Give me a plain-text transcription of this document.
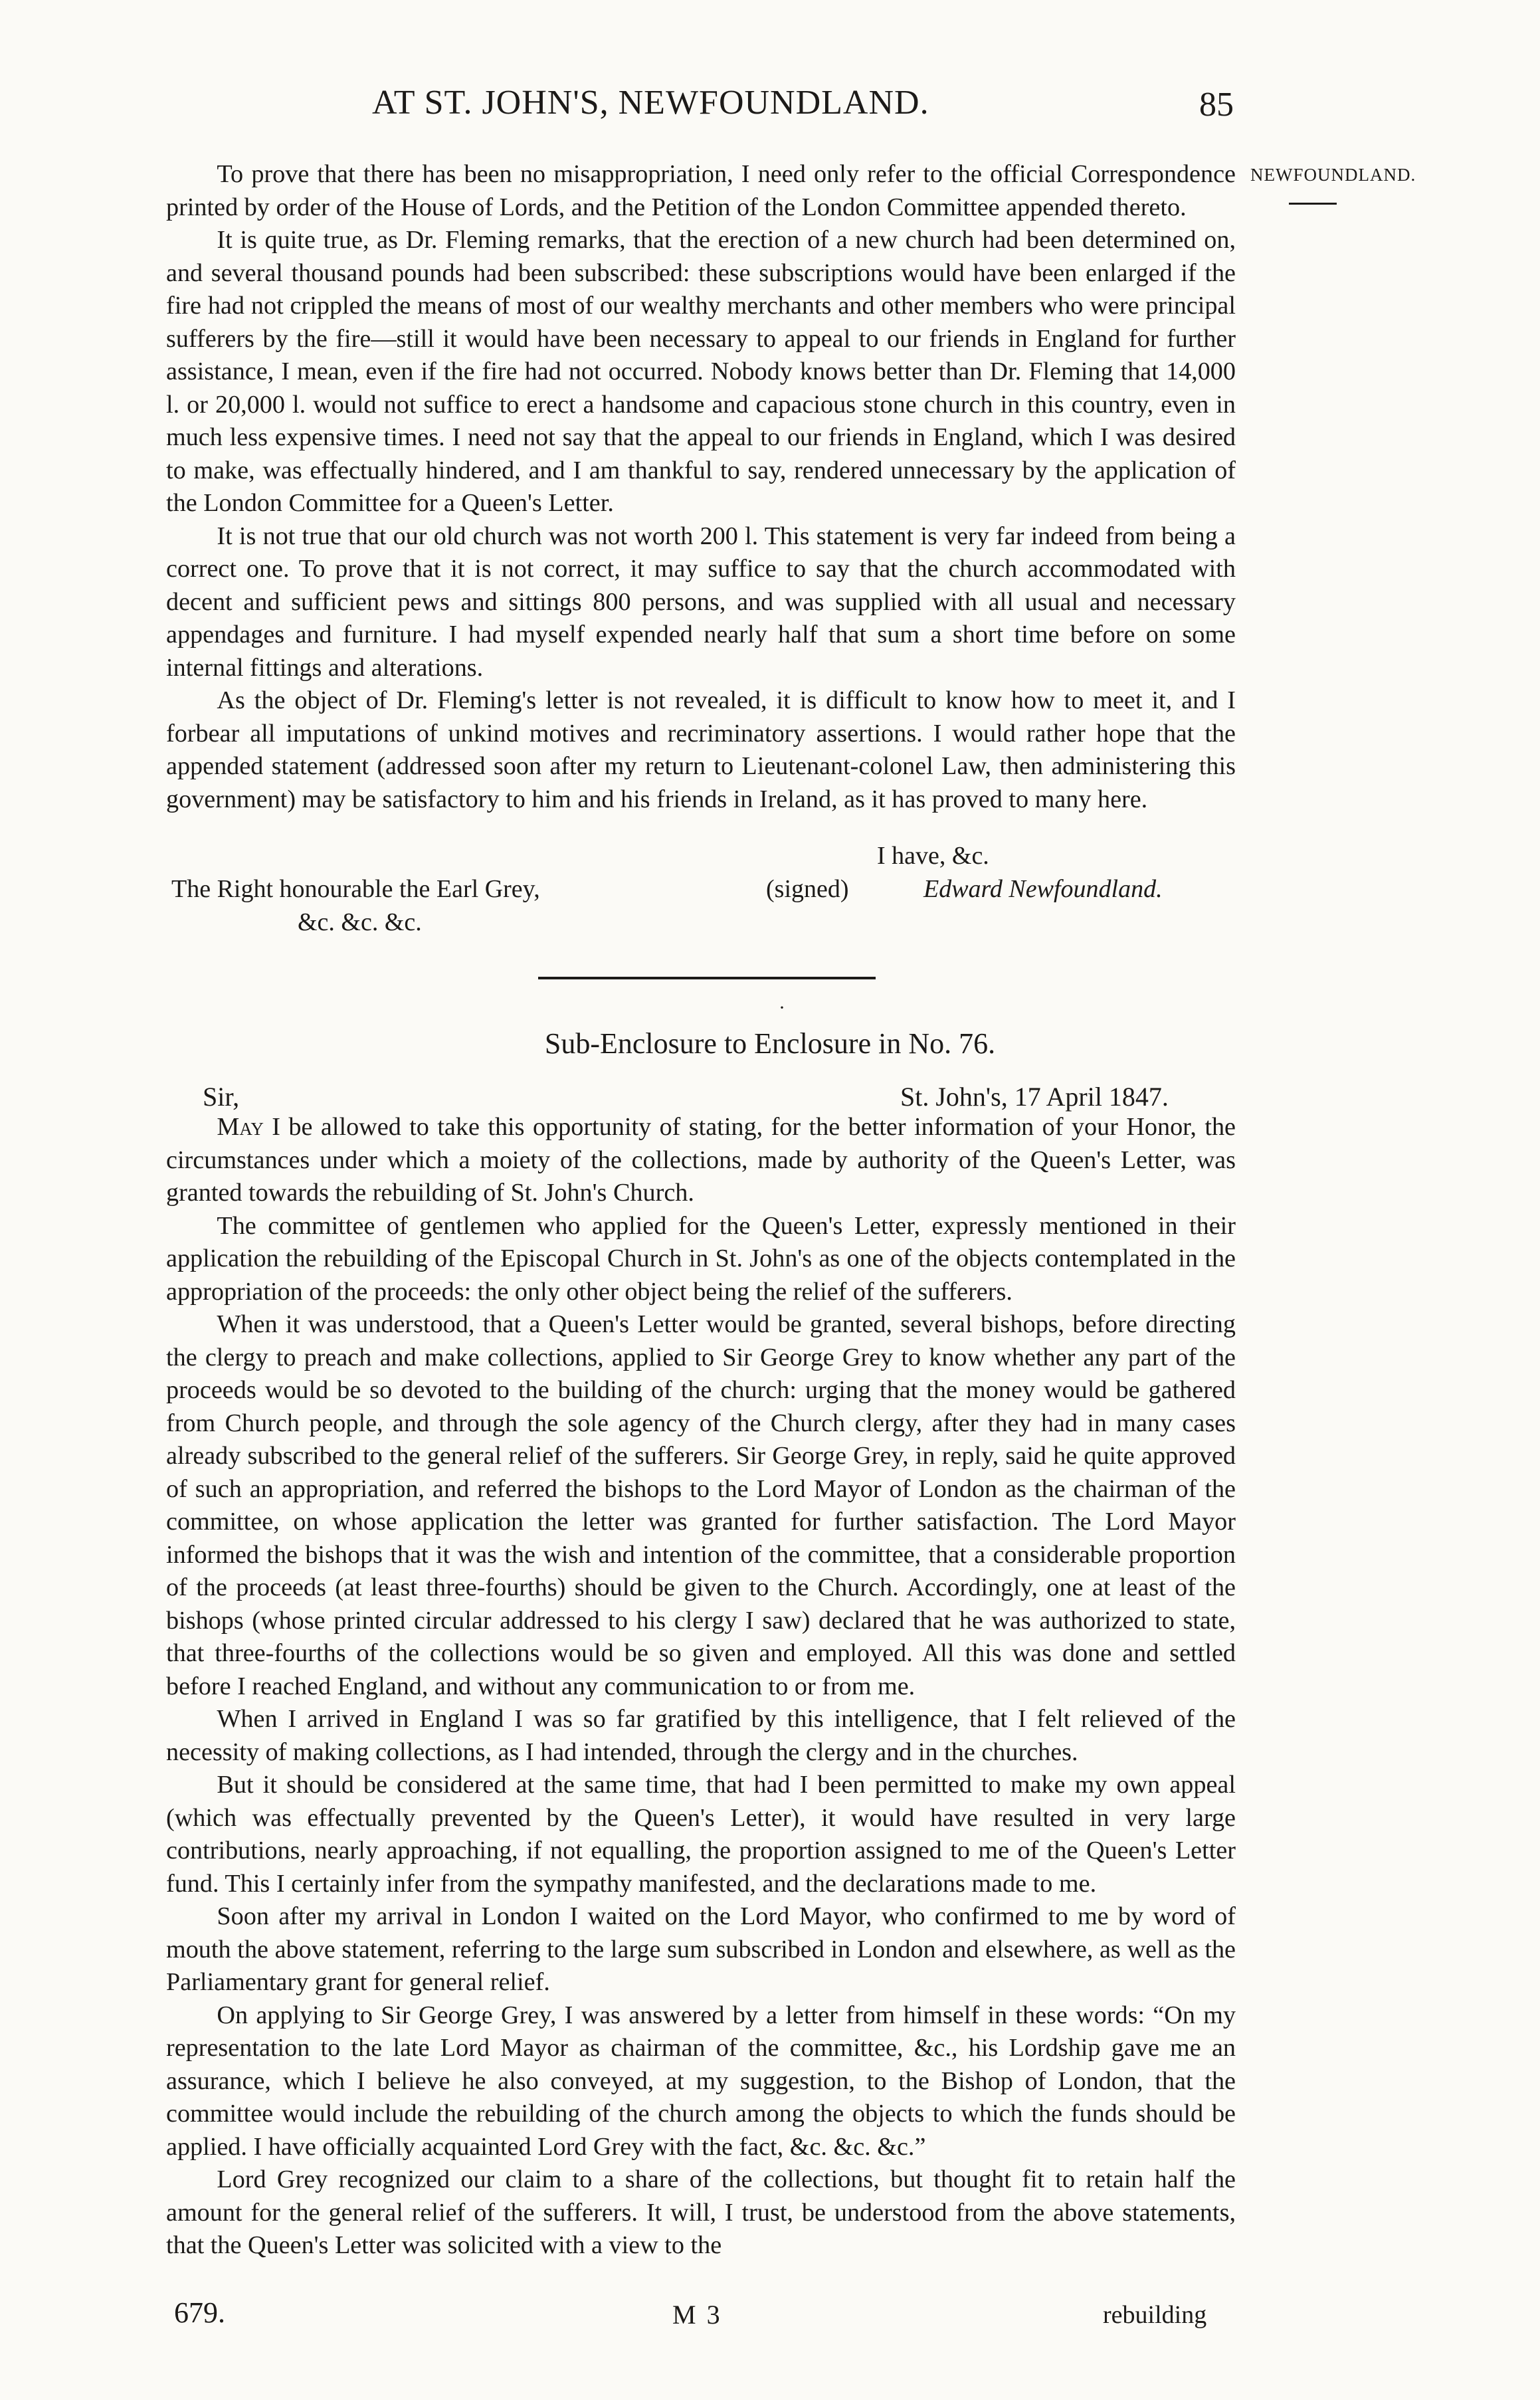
AT ST. JOHN'S, NEWFOUNDLAND.	85
NEWFOUNDLAND.

To prove that there has been no misappropriation, I need only refer to the official Correspondence printed by order of the House of Lords, and the Petition of the London Committee appended thereto.

It is quite true, as Dr. Fleming remarks, that the erection of a new church had been determined on, and several thousand pounds had been subscribed: these subscriptions would have been enlarged if the fire had not crippled the means of most of our wealthy merchants and other members who were principal sufferers by the fire—still it would have been necessary to appeal to our friends in England for further assistance, I mean, even if the fire had not occurred. Nobody knows better than Dr. Fleming that 14,000 l. or 20,000 l. would not suffice to erect a handsome and capacious stone church in this country, even in much less expensive times. I need not say that the appeal to our friends in England, which I was desired to make, was effectually hindered, and I am thankful to say, rendered unnecessary by the application of the London Committee for a Queen's Letter.

It is not true that our old church was not worth 200 l. This statement is very far indeed from being a correct one. To prove that it is not correct, it may suffice to say that the church accommodated with decent and sufficient pews and sittings 800 persons, and was supplied with all usual and necessary appendages and furniture. I had myself expended nearly half that sum a short time before on some internal fittings and alterations.

As the object of Dr. Fleming's letter is not revealed, it is difficult to know how to meet it, and I forbear all imputations of unkind motives and recriminatory assertions. I would rather hope that the appended statement (addressed soon after my return to Lieutenant-colonel Law, then administering this government) may be satisfactory to him and his friends in Ireland, as it has proved to many here.

I have, &c.
The Right honourable the Earl Grey,
&c. &c. &c.
(signed)	Edward Newfoundland.
·
Sub-Enclosure to Enclosure in No. 76.
Sir,	St. John's, 17 April 1847.

May I be allowed to take this opportunity of stating, for the better information of your Honor, the circumstances under which a moiety of the collections, made by authority of the Queen's Letter, was granted towards the rebuilding of St. John's Church.

The committee of gentlemen who applied for the Queen's Letter, expressly mentioned in their application the rebuilding of the Episcopal Church in St. John's as one of the objects contemplated in the appropriation of the proceeds: the only other object being the relief of the sufferers.

When it was understood, that a Queen's Letter would be granted, several bishops, before directing the clergy to preach and make collections, applied to Sir George Grey to know whether any part of the proceeds would be so devoted to the building of the church: urging that the money would be gathered from Church people, and through the sole agency of the Church clergy, after they had in many cases already subscribed to the general relief of the sufferers. Sir George Grey, in reply, said he quite approved of such an appropriation, and referred the bishops to the Lord Mayor of London as the chairman of the committee, on whose application the letter was granted for further satisfaction. The Lord Mayor informed the bishops that it was the wish and intention of the committee, that a considerable proportion of the proceeds (at least three-fourths) should be given to the Church. Accordingly, one at least of the bishops (whose printed circular addressed to his clergy I saw) declared that he was authorized to state, that three-fourths of the collections would be so given and employed. All this was done and settled before I reached England, and without any communication to or from me.

When I arrived in England I was so far gratified by this intelligence, that I felt relieved of the necessity of making collections, as I had intended, through the clergy and in the churches.

But it should be considered at the same time, that had I been permitted to make my own appeal (which was effectually prevented by the Queen's Letter), it would have resulted in very large contributions, nearly approaching, if not equalling, the proportion assigned to me of the Queen's Letter fund. This I certainly infer from the sympathy manifested, and the declarations made to me.

Soon after my arrival in London I waited on the Lord Mayor, who confirmed to me by word of mouth the above statement, referring to the large sum subscribed in London and elsewhere, as well as the Parliamentary grant for general relief.

On applying to Sir George Grey, I was answered by a letter from himself in these words: “On my representation to the late Lord Mayor as chairman of the committee, &c., his Lordship gave me an assurance, which I believe he also conveyed, at my suggestion, to the Bishop of London, that the committee would include the rebuilding of the church among the objects to which the funds should be applied. I have officially acquainted Lord Grey with the fact, &c. &c. &c.”

Lord Grey recognized our claim to a share of the collections, but thought fit to retain half the amount for the general relief of the sufferers. It will, I trust, be understood from the above statements, that the Queen's Letter was solicited with a view to the

679.	M 3	rebuilding
